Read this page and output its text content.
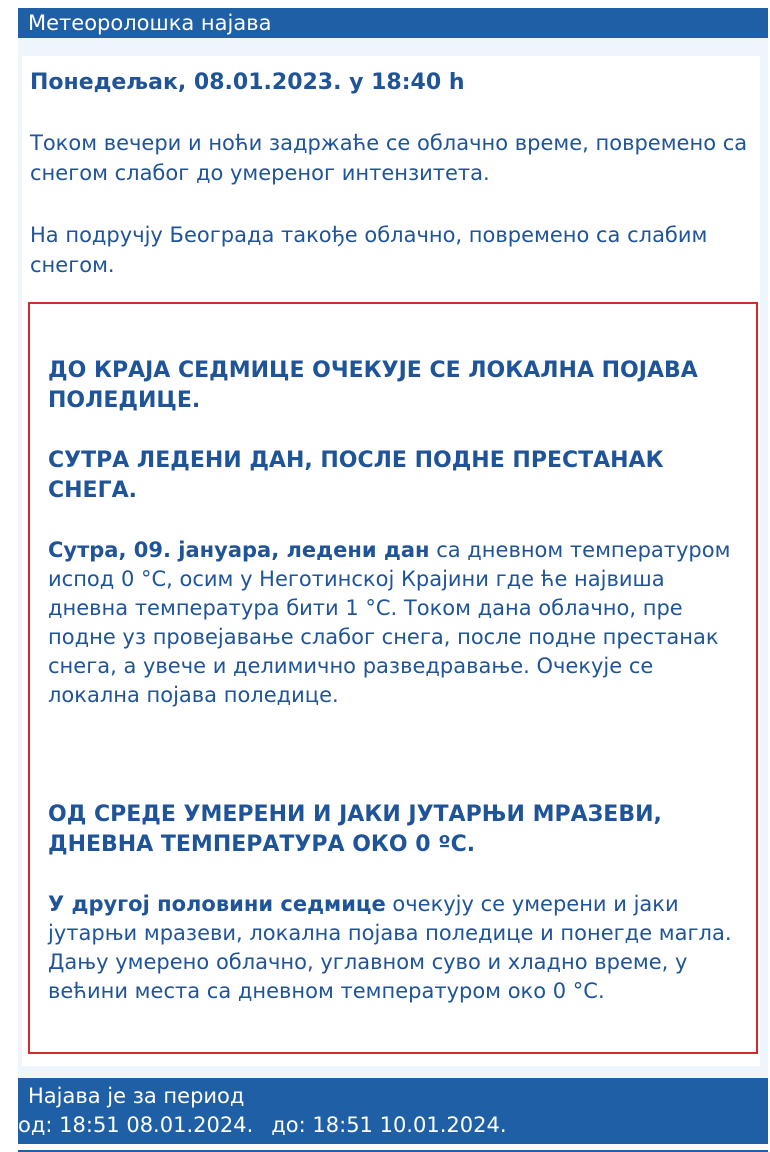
Метеоролошка најава
Понедељак, 08.01.2023. у 18:40 h
Током вечери и ноћи задржаће се облачно време, повремено са снегом слабог до умереног интензитета.
На подручју Београда такође облачно, повремено са слабим снегом.
ДО КРАЈА СЕДМИЦЕ ОЧЕКУЈЕ СЕ ЛОКАЛНА ПОЈАВА ПОЛЕДИЦЕ.
СУТРА ЛЕДЕНИ ДАН, ПОСЛЕ ПОДНЕ ПРЕСТАНАК СНЕГА.
Сутра, 09. јануара, ледени дан са дневном температуром испод 0 °C, осим у Неготинској Крајини где ће највиша дневна температура бити 1 °C. Током дана облачно, пре подне уз провејавање слабог снега, после подне престанак снега, а увече и делимично разведравање. Очекује се локална појава поледице.
ОД СРЕДЕ УМЕРЕНИ И ЈАКИ ЈУТАРЊИ МРАЗЕВИ, ДНЕВНА ТЕМПЕРАТУРА ОКО 0 ºC.
У другој половини седмице очекују се умерени и јаки јутарњи мразеви, локална појава поледице и понегде магла. Дању умерено облачно, углавном суво и хладно време, у већини места са дневном температуром око 0 °C.
Најава је за период
од: 18:51 08.01.2024. до: 18:51 10.01.2024.
